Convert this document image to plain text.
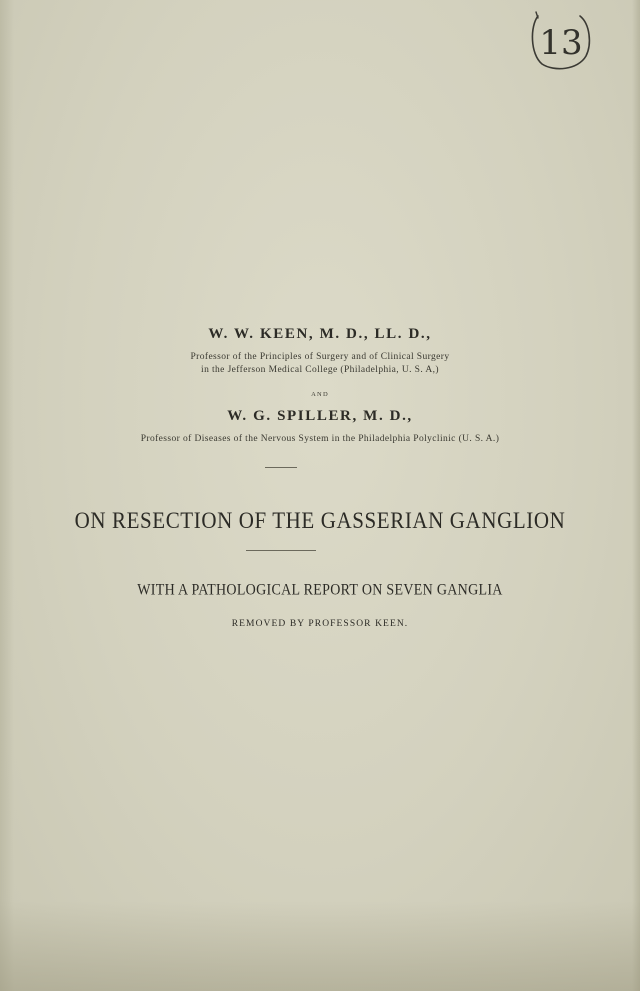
13
W. W. KEEN, M. D., LL. D.,
Professor of the Principles of Surgery and of Clinical Surgery
in the Jefferson Medical College (Philadelphia, U. S. A,)
AND
W. G. SPILLER, M. D.,
Professor of Diseases of the Nervous System in the Philadelphia Polyclinic (U. S. A.)
ON RESECTION OF THE GASSERIAN GANGLION
WITH A PATHOLOGICAL REPORT ON SEVEN GANGLIA
REMOVED BY PROFESSOR KEEN.
